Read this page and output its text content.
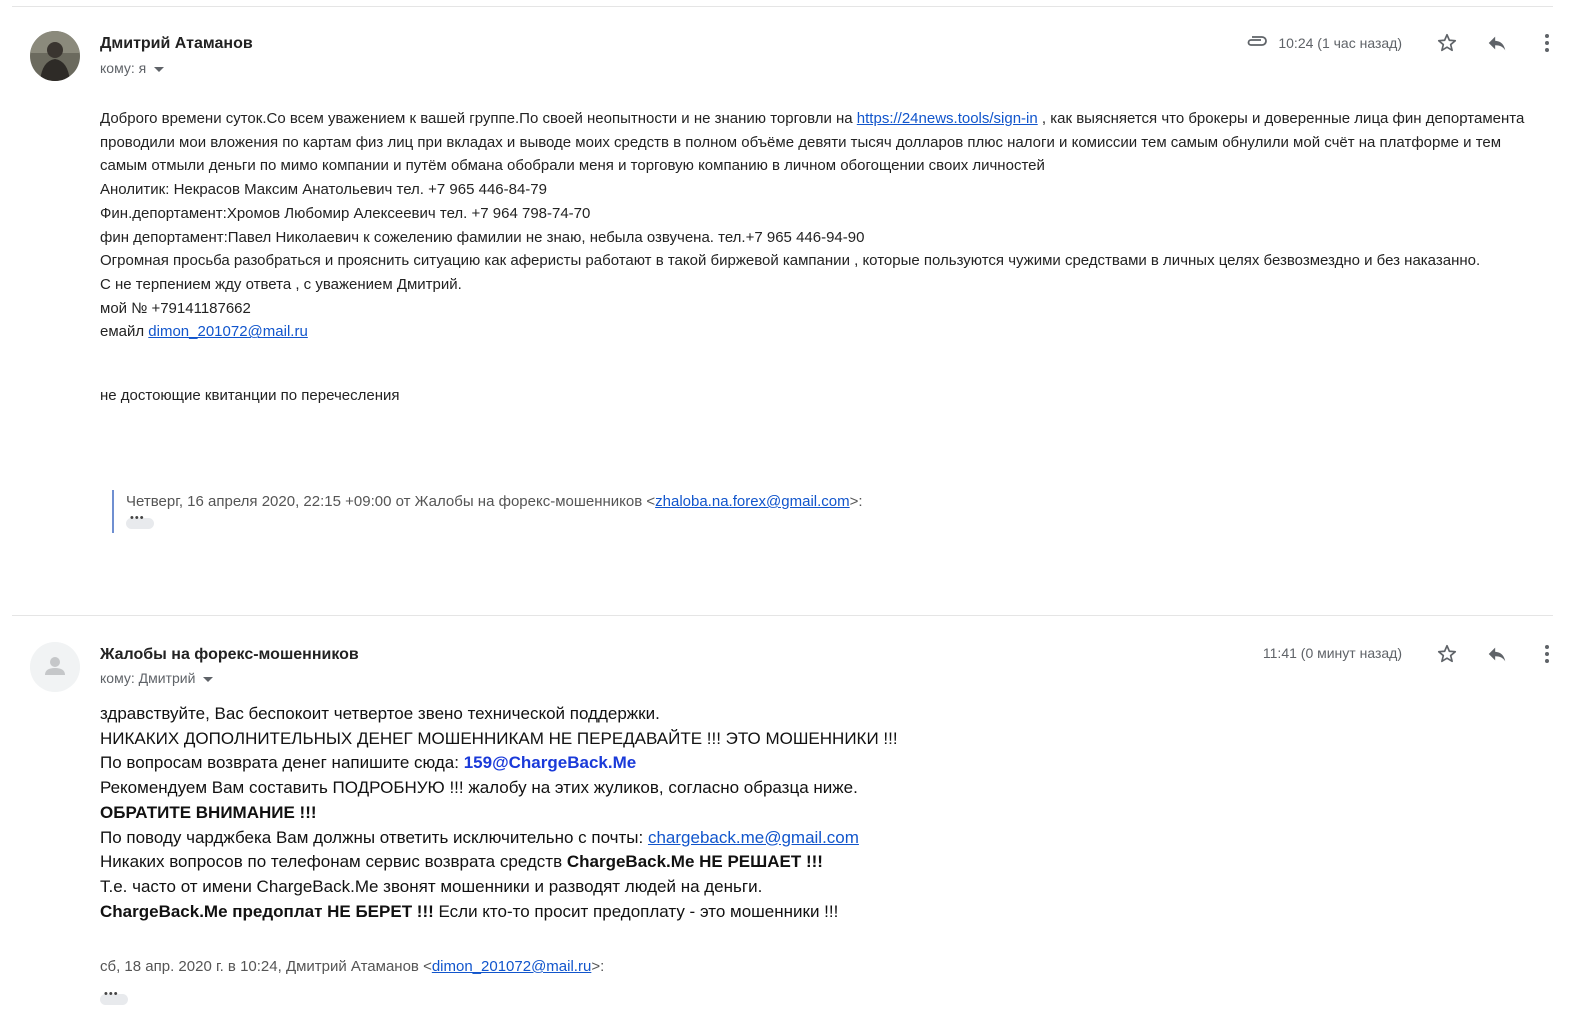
Дмитрий Атаманов
кому: я
10:24 (1 час назад)

Доброго времени суток.Со всем уважением к вашей группе.По своей неопытности и не знанию торговли на https://24news.tools/sign-in , как выясняется что брокеры и доверенные лица фин депортамента проводили мои вложения по картам физ лиц при вкладах и выводе моих средств в полном объёме девяти тысяч долларов плюс налоги и комиссии тем самым обнулили мой счёт на платформе и тем самым отмыли деньги по мимо компании и путём обмана обобрали меня и торговую компанию в личном обогощении своих личностей

Анолитик: Некрасов Максим Анатольевич тел. +7 965 446-84-79

Фин.депортамент:Хромов Любомир Алексеевич тел. +7 964 798-74-70

фин депортамент:Павел Николаевич к сожелению фамилии не знаю, небыла озвучена. тел.+7 965 446-94-90

Огромная просьба разобраться и прояснить ситуацию как аферисты работают в такой биржевой кампании , которые пользуются чужими средствами в личных целях безвозмездно и без наказанно.

С не терпением жду ответа , с уважением Дмитрий.

мой № +79141187662

емайл dimon_201072@mail.ru

не достоющие квитанции по перечесления

Четверг, 16 апреля 2020, 22:15 +09:00 от Жалобы на форекс-мошенников <zhaloba.na.forex@gmail.com>:
•••
Жалобы на форекс-мошенников
кому: Дмитрий
11:41 (0 минут назад)

здравствуйте, Вас беспокоит четвертое звено технической поддержки.

НИКАКИХ ДОПОЛНИТЕЛЬНЫХ ДЕНЕГ МОШЕННИКАМ НЕ ПЕРЕДАВАЙТЕ !!! ЭТО МОШЕННИКИ !!!

По вопросам возврата денег напишите сюда: 159@ChargeBack.Me

Рекомендуем Вам составить ПОДРОБНУЮ !!! жалобу на этих жуликов, согласно образца ниже.

ОБРАТИТЕ ВНИМАНИЕ !!!

По поводу чарджбека Вам должны ответить исключительно с почты: chargeback.me@gmail.com

Никаких вопросов по телефонам сервис возврата средств ChargeBack.Me НЕ РЕШАЕТ !!!

Т.е. часто от имени ChargeBack.Me звонят мошенники и разводят людей на деньги.

ChargeBack.Me предоплат НЕ БЕРЕТ !!! Если кто-то просит предоплату - это мошенники !!!

сб, 18 апр. 2020 г. в 10:24, Дмитрий Атаманов <dimon_201072@mail.ru>:
•••
